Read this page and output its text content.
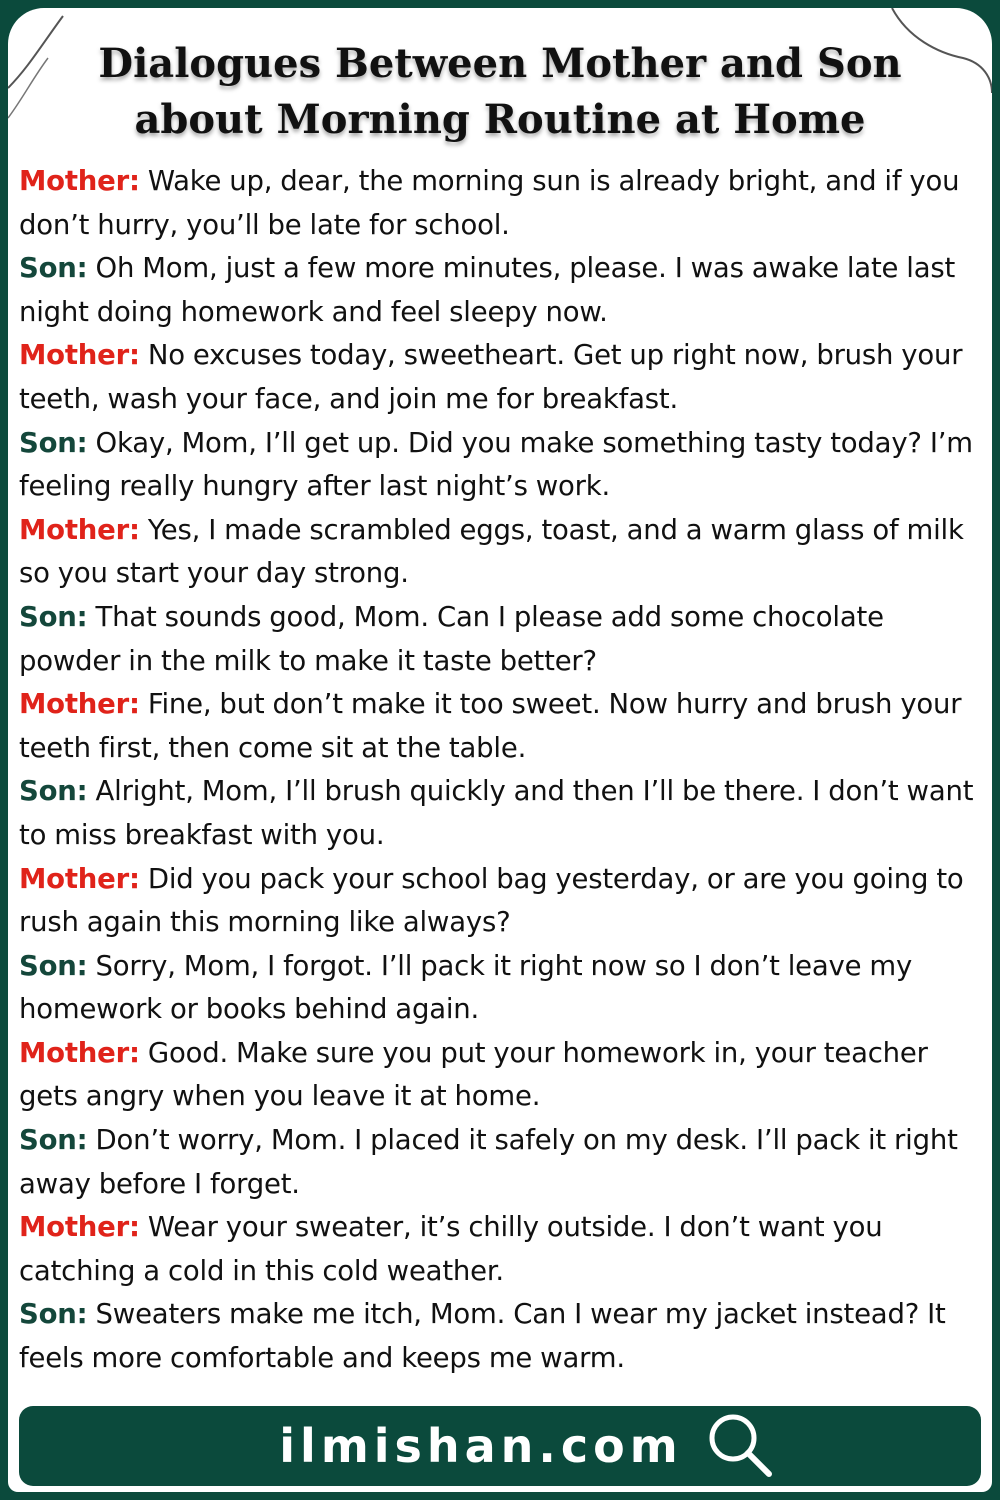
Dialogues Between Mother and Son
about Morning Routine at Home

Mother: Wake up, dear, the morning sun is already bright, and if you don’t hurry, you’ll be late for school.

Son: Oh Mom, just a few more minutes, please. I was awake late last night doing homework and feel sleepy now.

Mother: No excuses today, sweetheart. Get up right now, brush your teeth, wash your face, and join me for breakfast.

Son: Okay, Mom, I’ll get up. Did you make something tasty today? I’m feeling really hungry after last night’s work.

Mother: Yes, I made scrambled eggs, toast, and a warm glass of milk so you start your day strong.

Son: That sounds good, Mom. Can I please add some chocolate powder in the milk to make it taste better?

Mother: Fine, but don’t make it too sweet. Now hurry and brush your teeth first, then come sit at the table.

Son: Alright, Mom, I’ll brush quickly and then I’ll be there. I don’t want to miss breakfast with you.

Mother: Did you pack your school bag yesterday, or are you going to rush again this morning like always?

Son: Sorry, Mom, I forgot. I’ll pack it right now so I don’t leave my homework or books behind again.

Mother: Good. Make sure you put your homework in, your teacher gets angry when you leave it at home.

Son: Don’t worry, Mom. I placed it safely on my desk. I’ll pack it right away before I forget.

Mother: Wear your sweater, it’s chilly outside. I don’t want you catching a cold in this cold weather.

Son: Sweaters make me itch, Mom. Can I wear my jacket instead? It feels more comfortable and keeps me warm.

ilmishan.com
